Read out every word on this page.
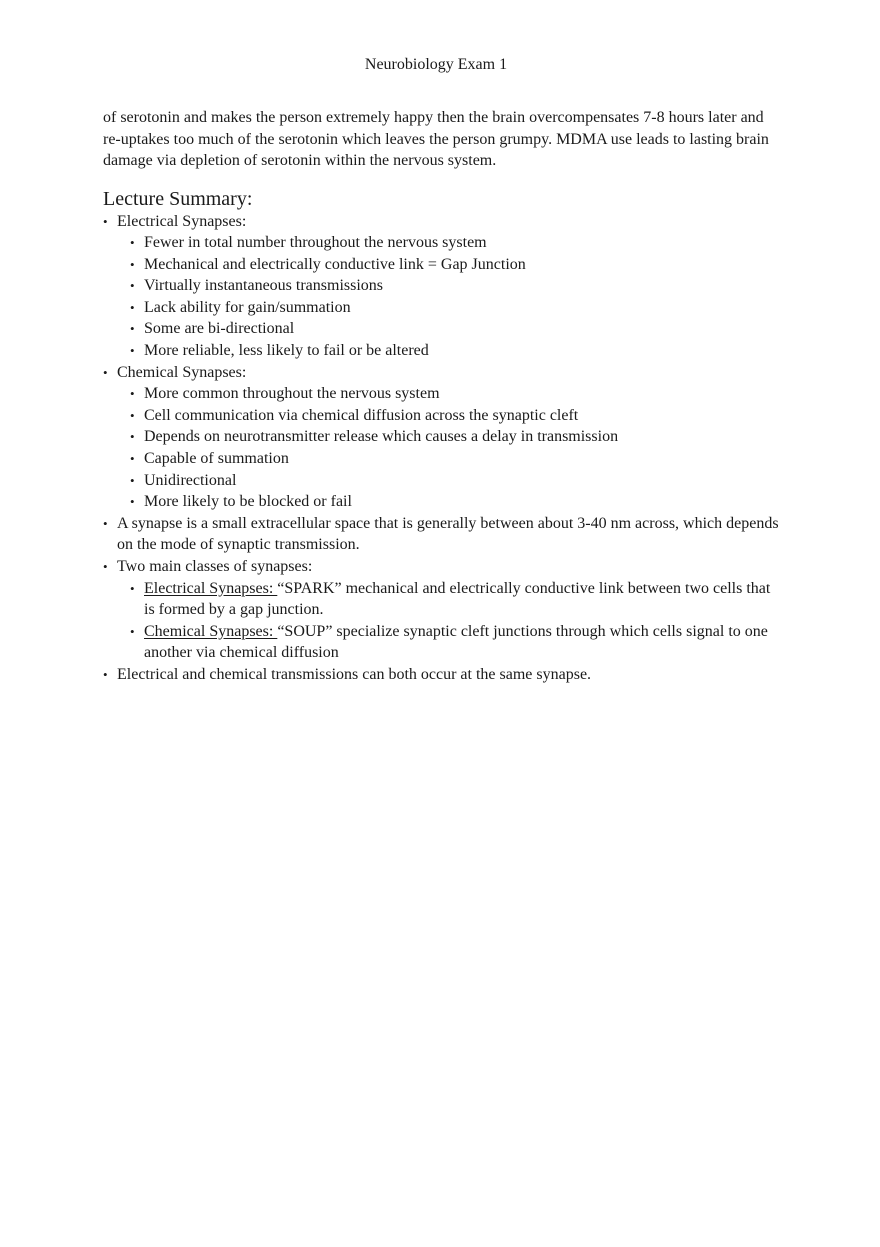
Neurobiology Exam 1

of serotonin and makes the person extremely happy then the brain overcompensates 7-8 hours later and re-uptakes too much of the serotonin which leaves the person grumpy. MDMA use leads to lasting brain damage via depletion of serotonin within the nervous system.

Lecture Summary:
• Electrical Synapses:
• Fewer in total number throughout the nervous system
• Mechanical and electrically conductive link = Gap Junction
• Virtually instantaneous transmissions
• Lack ability for gain/summation
• Some are bi-directional
• More reliable, less likely to fail or be altered
• Chemical Synapses:
• More common throughout the nervous system
• Cell communication via chemical diffusion across the synaptic cleft
• Depends on neurotransmitter release which causes a delay in transmission
• Capable of summation
• Unidirectional
• More likely to be blocked or fail
• A synapse is a small extracellular space that is generally between about 3-40 nm across, which depends on the mode of synaptic transmission.
• Two main classes of synapses:
• Electrical Synapses: “SPARK” mechanical and electrically conductive link between two cells that is formed by a gap junction.
• Chemical Synapses: “SOUP” specialize synaptic cleft junctions through which cells signal to one another via chemical diffusion
• Electrical and chemical transmissions can both occur at the same synapse.
